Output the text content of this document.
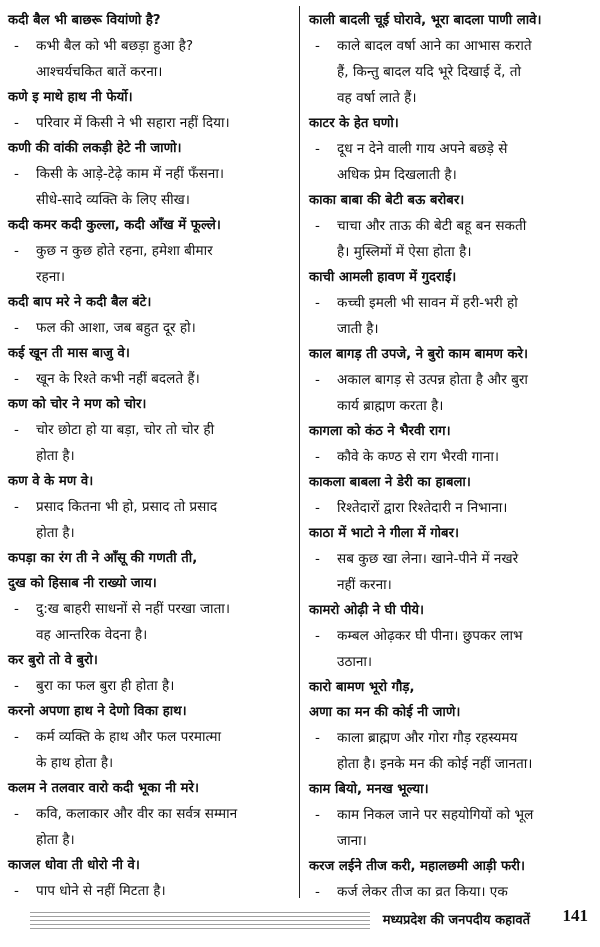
कदी बैल भी बाछरू वियांणो है?

- कभी बैल को भी बछड़ा हुआ है?

आश्चर्यचकित बातें करना।

कणे इ माथे हाथ नी फेर्यो।

- परिवार में किसी ने भी सहारा नहीं दिया।

कणी की वांकी लकड़ी हेटे नी जाणो।

- किसी के आड़े-टेढ़े काम में नहीं फँसना।

सीधे-सादे व्यक्ति के लिए सीख।

कदी कमर कदी कुल्ला, कदी आँख में फूल्ले।

- कुछ न कुछ होते रहना, हमेशा बीमार

रहना।

कदी बाप मरे ने कदी बैल बंटे।

- फल की आशा, जब बहुत दूर हो।

कई खून ती मास बाजु वे।

- खून के रिश्ते कभी नहीं बदलते हैं।

कण को चोर ने मण को चोर।

- चोर छोटा हो या बड़ा, चोर तो चोर ही

होता है।

कण वे के मण वे।

- प्रसाद कितना भी हो, प्रसाद तो प्रसाद

होता है।

कपड़ा का रंग ती ने आँसू की गणती ती,

दुख को हिसाब नी राख्यो जाय।

- दु:ख बाहरी साधनों से नहीं परखा जाता।

वह आन्तरिक वेदना है।

कर बुरो तो वे बुरो।

- बुरा का फल बुरा ही होता है।

करनो अपणा हाथ ने देणो विका हाथ।

- कर्म व्यक्ति के हाथ और फल परमात्मा

के हाथ होता है।

कलम ने तलवार वारो कदी भूका नी मरे।

- कवि, कलाकार और वीर का सर्वत्र सम्मान

होता है।

काजल धोवा ती धोरो नी वे।

- पाप धोने से नहीं मिटता है।

काली बादली चूई घोरावे, भूरा बादला पाणी लावे।

- काले बादल वर्षा आने का आभास कराते

हैं, किन्तु बादल यदि भूरे दिखाई दें, तो

वह वर्षा लाते हैं।

काटर के हेत घणो।

- दूध न देने वाली गाय अपने बछड़े से

अधिक प्रेम दिखलाती है।

काका बाबा की बेटी बऊ बरोबर।

- चाचा और ताऊ की बेटी बहू बन सकती

है। मुस्लिमों में ऐसा होता है।

काची आमली हावण में गुदराई।

- कच्ची इमली भी सावन में हरी-भरी हो

जाती है।

काल बागड़ ती उपजे, ने बुरो काम बामण करे।

- अकाल बागड़ से उत्पन्न होता है और बुरा

कार्य ब्राह्मण करता है।

कागला को कंठ ने भैरवी राग।

- कौवे के कण्ठ से राग भैरवी गाना।

काकला बाबला ने डेरी का हाबला।

- रिश्तेदारों द्वारा रिश्तेदारी न निभाना।

काठा में भाटो ने गीला में गोबर।

- सब कुछ खा लेना। खाने-पीने में नखरे

नहीं करना।

कामरो ओढ़ी ने घी पीये।

- कम्बल ओढ़कर घी पीना। छुपकर लाभ

उठाना।

कारो बामण भूरो गौड़,

अणा का मन की कोई नी जाणे।

- काला ब्राह्मण और गोरा गौड़ रहस्यमय

होता है। इनके मन की कोई नहीं जानता।

काम बियो, मनख भूल्या।

- काम निकल जाने पर सहयोगियों को भूल

जाना।

करज लईने तीज करी, महालछमी आड़ी फरी।

- कर्ज लेकर तीज का व्रत किया। एक

मध्यप्रदेश की जनपदीय कहावतें 141
